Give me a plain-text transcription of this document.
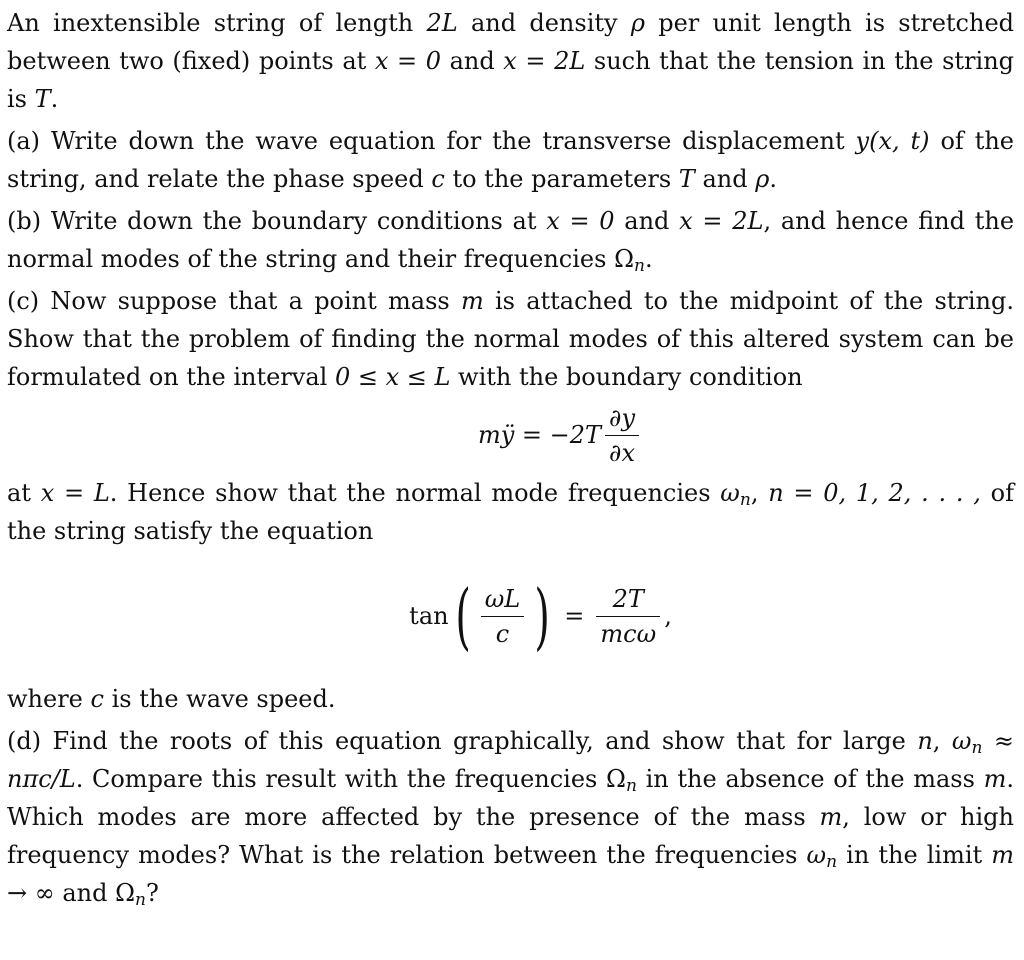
An inextensible string of length 2L and density ρ per unit length is stretched between two (fixed) points at x = 0 and x = 2L such that the tension in the string is T.

(a) Write down the wave equation for the transverse displacement y(x, t) of the string, and relate the phase speed c to the parameters T and ρ.

(b) Write down the boundary conditions at x = 0 and x = 2L, and hence find the normal modes of the string and their frequencies $\Omega_n$.

(c) Now suppose that a point mass m is attached to the midpoint of the string. Show that the problem of finding the normal modes of this altered system can be formulated on the interval 0 ≤ x ≤ L with the boundary condition

mÿ = $-2T \frac{\partial y}{\partial x}$

at x = L. Hence show that the normal mode frequencies $\omega_n$, n = 0, 1, 2, . . . , of the string satisfy the equation

tan ( $\frac{\omega L}{c}$ ) = $\frac{2T}{\text{mcω}}$ ,

where c is the wave speed.

(d) Find the roots of this equation graphically, and show that for large n, $\omega_n \approx n\pi c/L$. Compare this result with the frequencies $\Omega_n$ in the absence of the mass m. Which modes are more affected by the presence of the mass m, low or high frequency modes? What is the relation between the frequencies $\omega_n$ in the limit m → ∞ and $\Omega_n$?
